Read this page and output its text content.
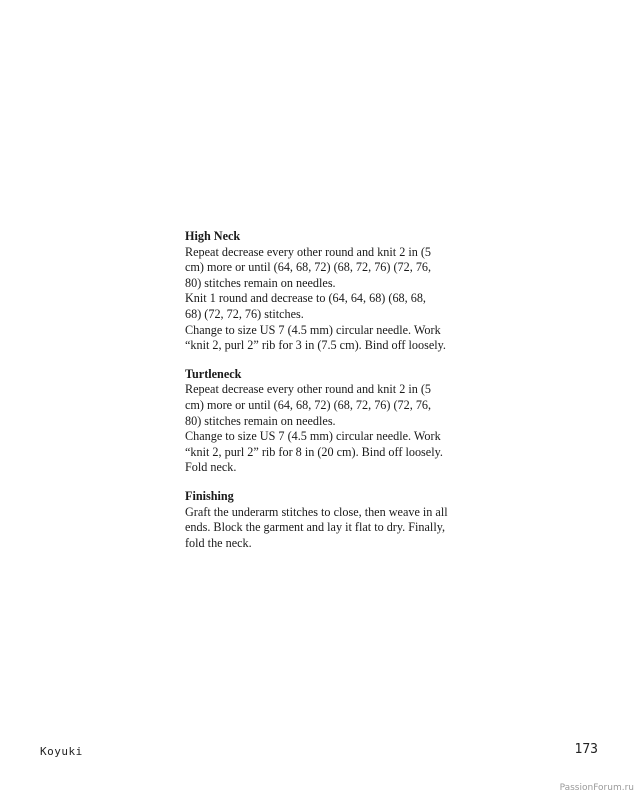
High Neck

Repeat decrease every other round and knit 2 in (5

cm) more or until (64, 68, 72) (68, 72, 76) (72, 76,

80) stitches remain on needles.

Knit 1 round and decrease to (64, 64, 68) (68, 68,

68) (72, 72, 76) stitches.

Change to size US 7 (4.5 mm) circular needle. Work

“knit 2, purl 2” rib for 3 in (7.5 cm). Bind off loosely.

Turtleneck

Repeat decrease every other round and knit 2 in (5

cm) more or until (64, 68, 72) (68, 72, 76) (72, 76,

80) stitches remain on needles.

Change to size US 7 (4.5 mm) circular needle. Work

“knit 2, purl 2” rib for 8 in (20 cm). Bind off loosely.

Fold neck.

Finishing

Graft the underarm stitches to close, then weave in all

ends. Block the garment and lay it flat to dry. Finally,

fold the neck.

Koyuki	173
PassionForum.ru
